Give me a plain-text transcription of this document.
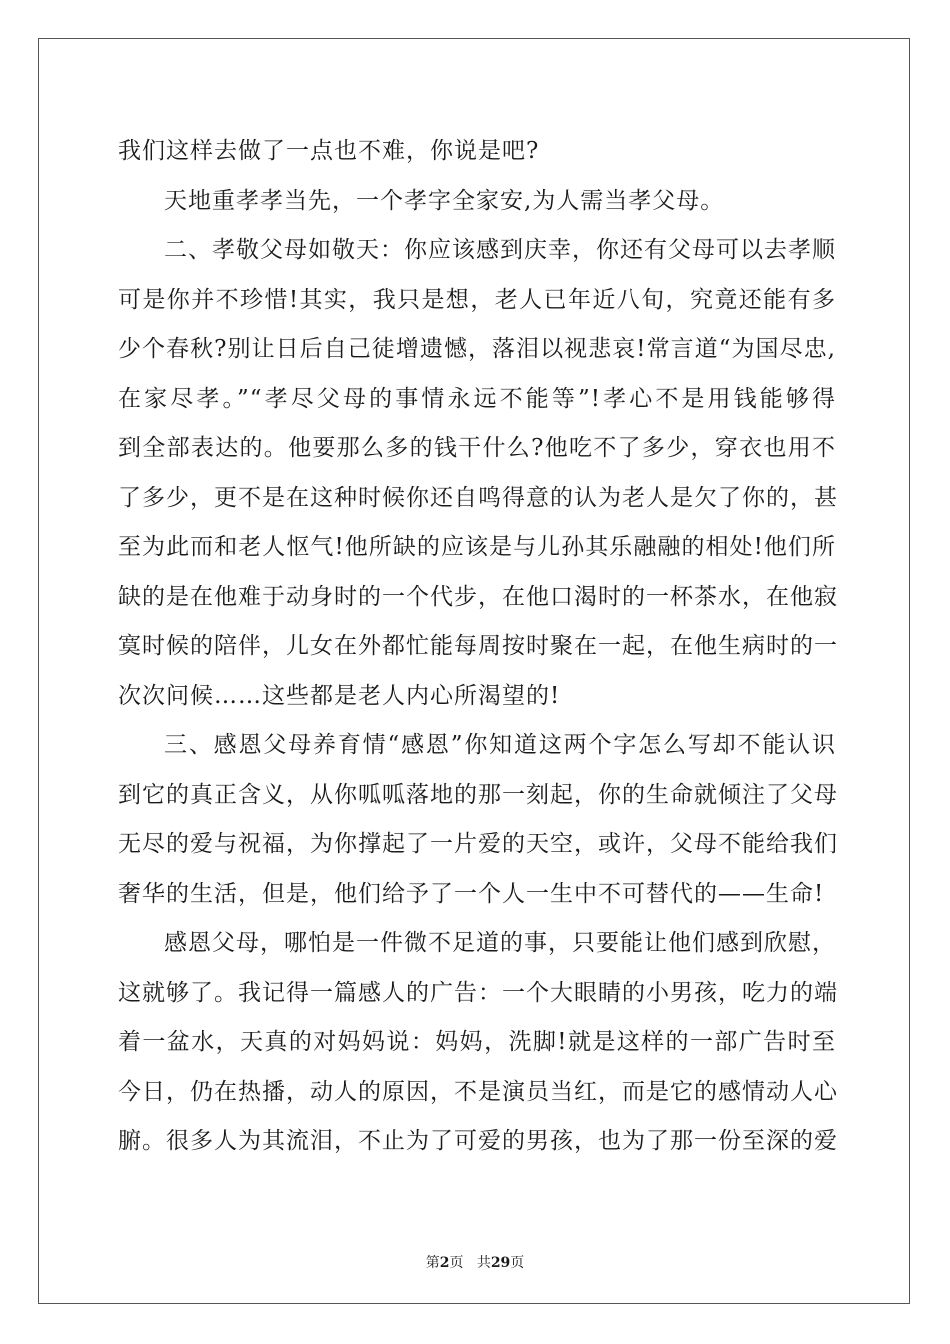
我们这样去做了一点也不难，你说是吧?
天地重孝孝当先，一个孝字全家安,为人需当孝父母。
二、孝敬父母如敬天：你应该感到庆幸，你还有父母可以去孝顺
可是你并不珍惜!其实，我只是想，老人已年近八旬，究竟还能有多
少个春秋?别让日后自己徒增遗憾，落泪以视悲哀!常言道“为国尽忠,
在家尽孝。”“孝尽父母的事情永远不能等”!孝心不是用钱能够得
到全部表达的。他要那么多的钱干什么?他吃不了多少，穿衣也用不
了多少，更不是在这种时候你还自鸣得意的认为老人是欠了你的，甚
至为此而和老人怄气!他所缺的应该是与儿孙其乐融融的相处!他们所
缺的是在他难于动身时的一个代步，在他口渴时的一杯茶水，在他寂
寞时候的陪伴，儿女在外都忙能每周按时聚在一起，在他生病时的一
次次问候……这些都是老人内心所渴望的!
三、感恩父母养育情“感恩”你知道这两个字怎么写却不能认识
到它的真正含义，从你呱呱落地的那一刻起，你的生命就倾注了父母
无尽的爱与祝福，为你撑起了一片爱的天空，或许，父母不能给我们
奢华的生活，但是，他们给予了一个人一生中不可替代的——生命!
感恩父母，哪怕是一件微不足道的事，只要能让他们感到欣慰，
这就够了。我记得一篇感人的广告：一个大眼睛的小男孩，吃力的端
着一盆水，天真的对妈妈说：妈妈，洗脚!就是这样的一部广告时至
今日，仍在热播，动人的原因，不是演员当红，而是它的感情动人心
腑。很多人为其流泪，不止为了可爱的男孩，也为了那一份至深的爱
第2页 共29页
